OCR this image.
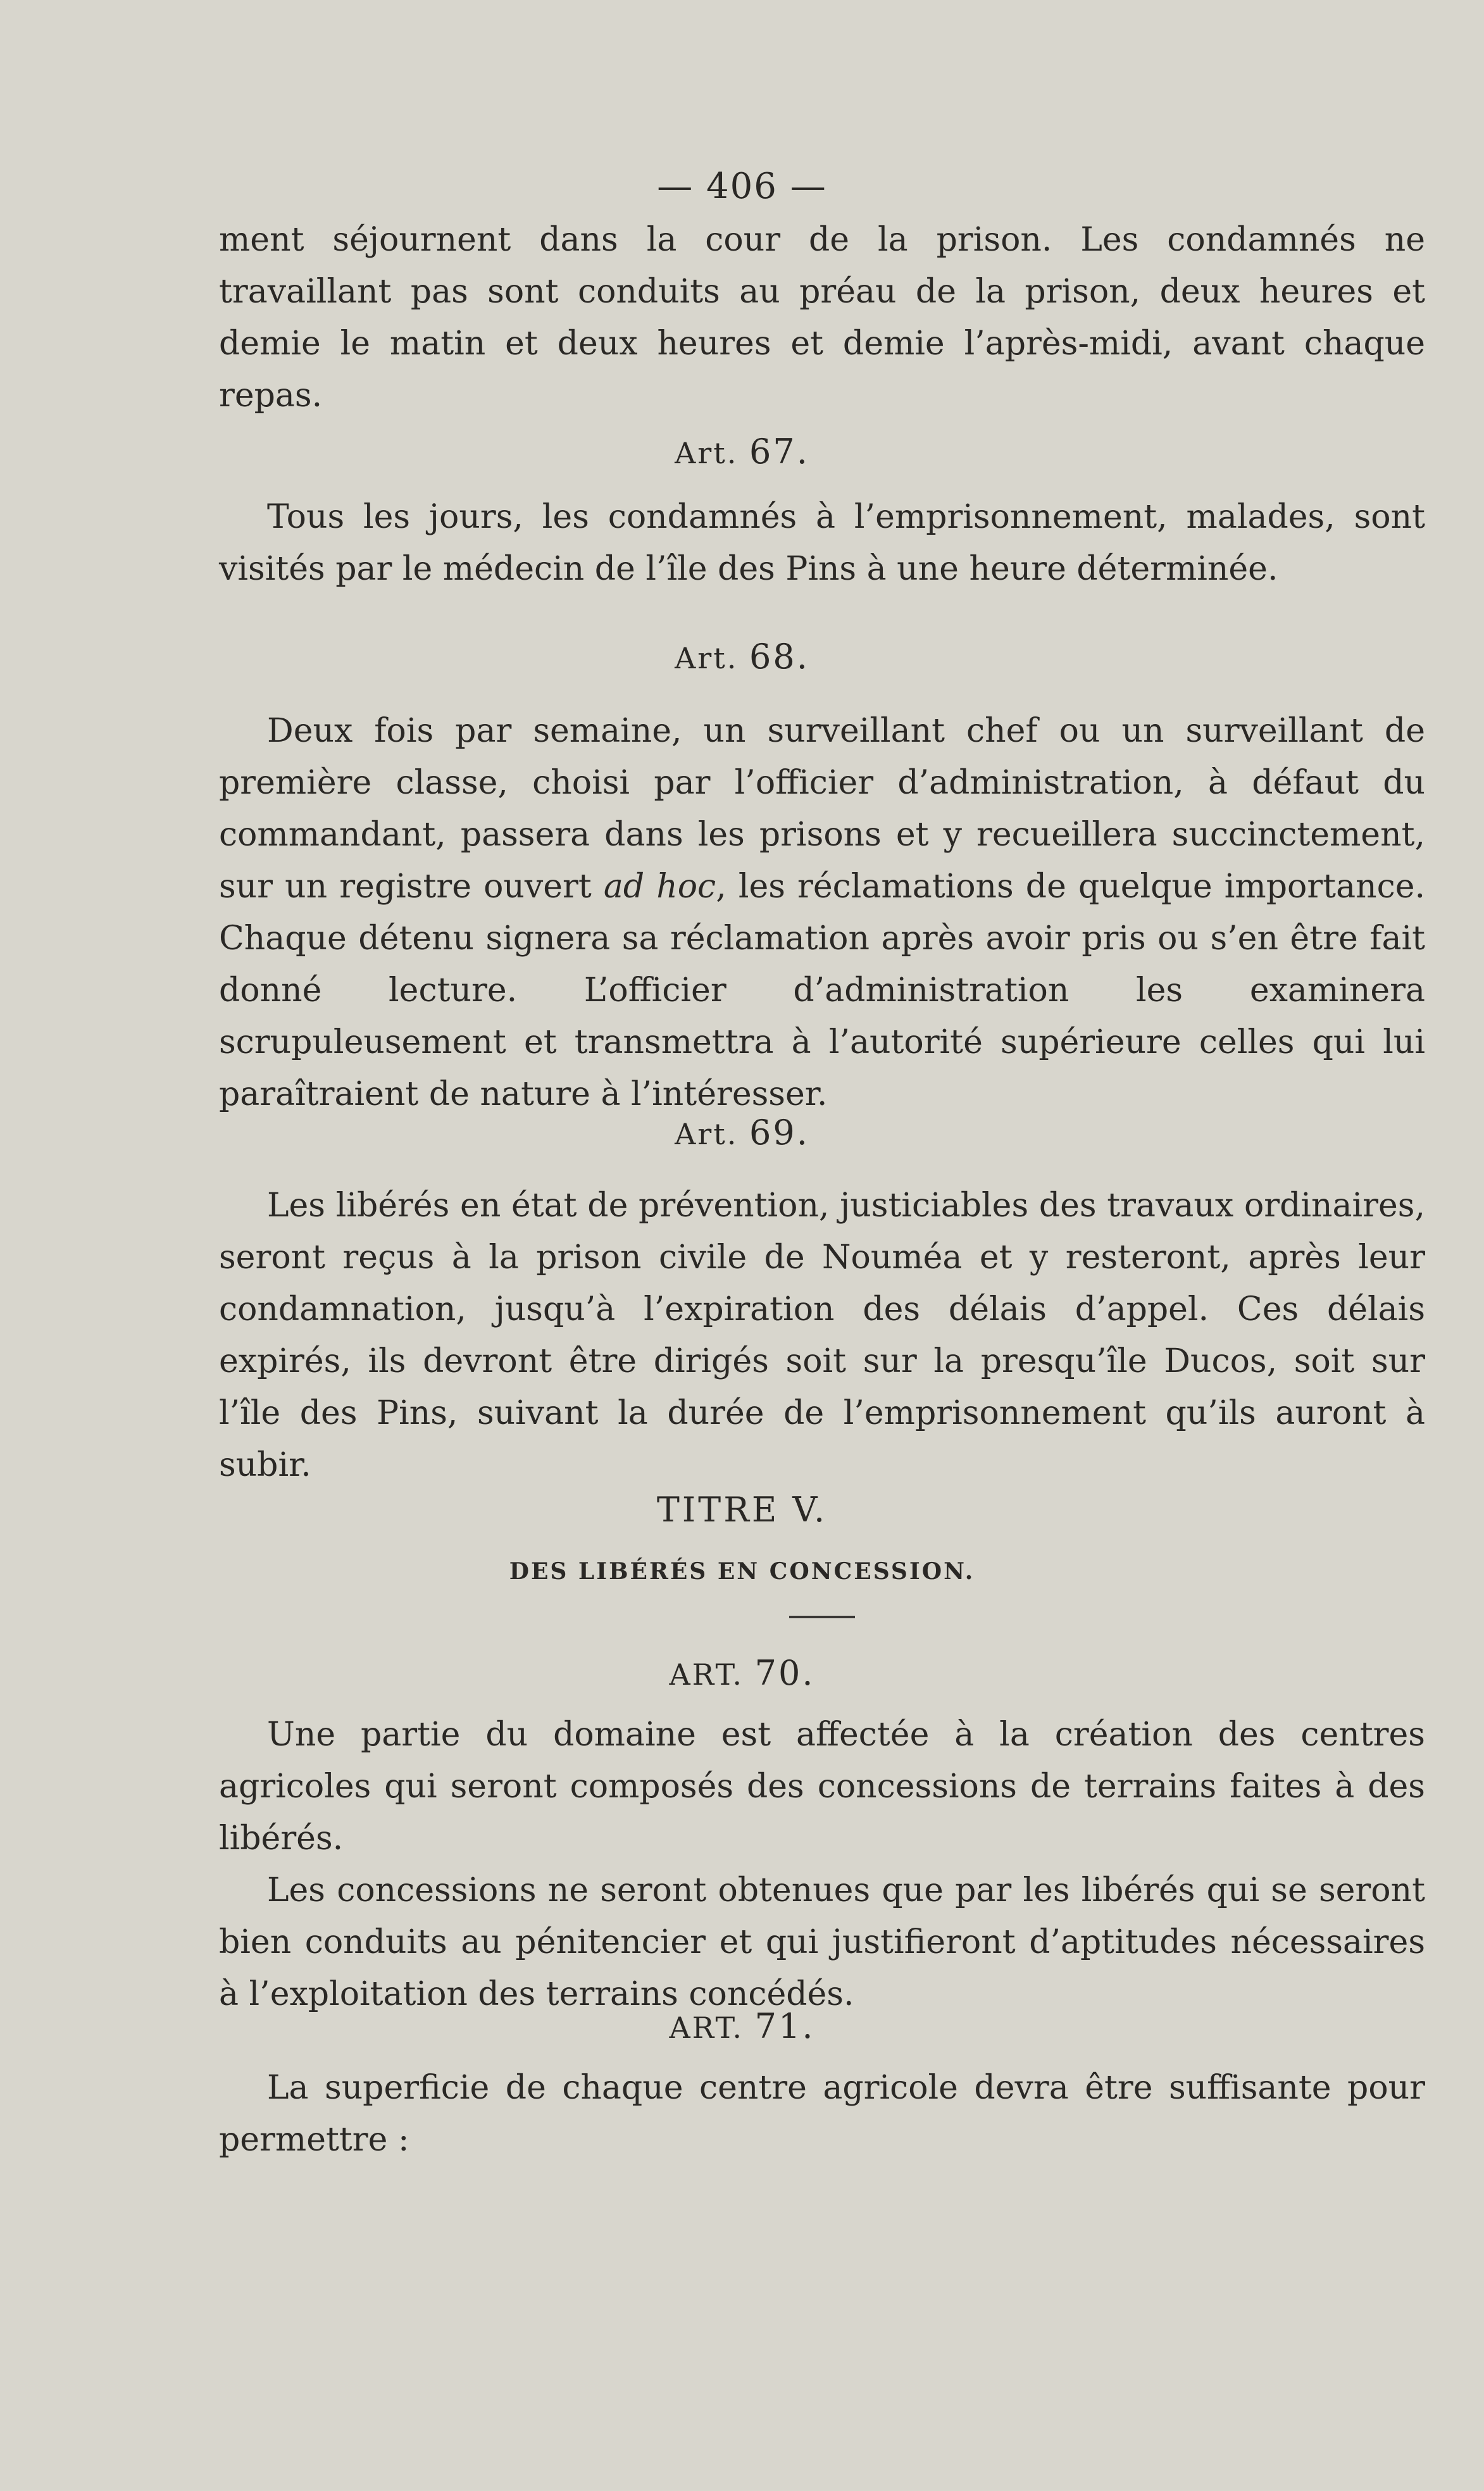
— 406 —

ment séjournent dans la cour de la prison. Les condamnés ne travaillant pas sont conduits au préau de la prison, deux heures et demie le matin et deux heures et demie l’après-midi, avant chaque repas.

Art. 67.

Tous les jours, les condamnés à l’emprisonnement, malades, sont visités par le médecin de l’île des Pins à une heure déterminée.

Art. 68.

Deux fois par semaine, un surveillant chef ou un surveillant de première classe, choisi par l’officier d’administration, à défaut du commandant, passera dans les prisons et y recueillera succinctement, sur un registre ouvert ad hoc, les réclamations de quelque importance. Chaque détenu signera sa réclamation après avoir pris ou s’en être fait donné lecture. L’officier d’administration les examinera scrupuleusement et transmettra à l’autorité supérieure celles qui lui paraîtraient de nature à l’intéresser.

Art. 69.

Les libérés en état de prévention, justiciables des travaux ordinaires, seront reçus à la prison civile de Nouméa et y resteront, après leur condamnation, jusqu’à l’expiration des délais d’appel. Ces délais expirés, ils devront être dirigés soit sur la presqu’île Ducos, soit sur l’île des Pins, suivant la durée de l’emprisonnement qu’ils auront à subir.

TITRE V.
DES LIBÉRÉS EN CONCESSION.
ART. 70.

Une partie du domaine est affectée à la création des centres agricoles qui seront composés des concessions de terrains faites à des libérés.

Les concessions ne seront obtenues que par les libérés qui se seront bien conduits au pénitencier et qui justifieront d’aptitudes nécessaires à l’exploitation des terrains concédés.

ART. 71.

La superficie de chaque centre agricole devra être suffisante pour permettre :
